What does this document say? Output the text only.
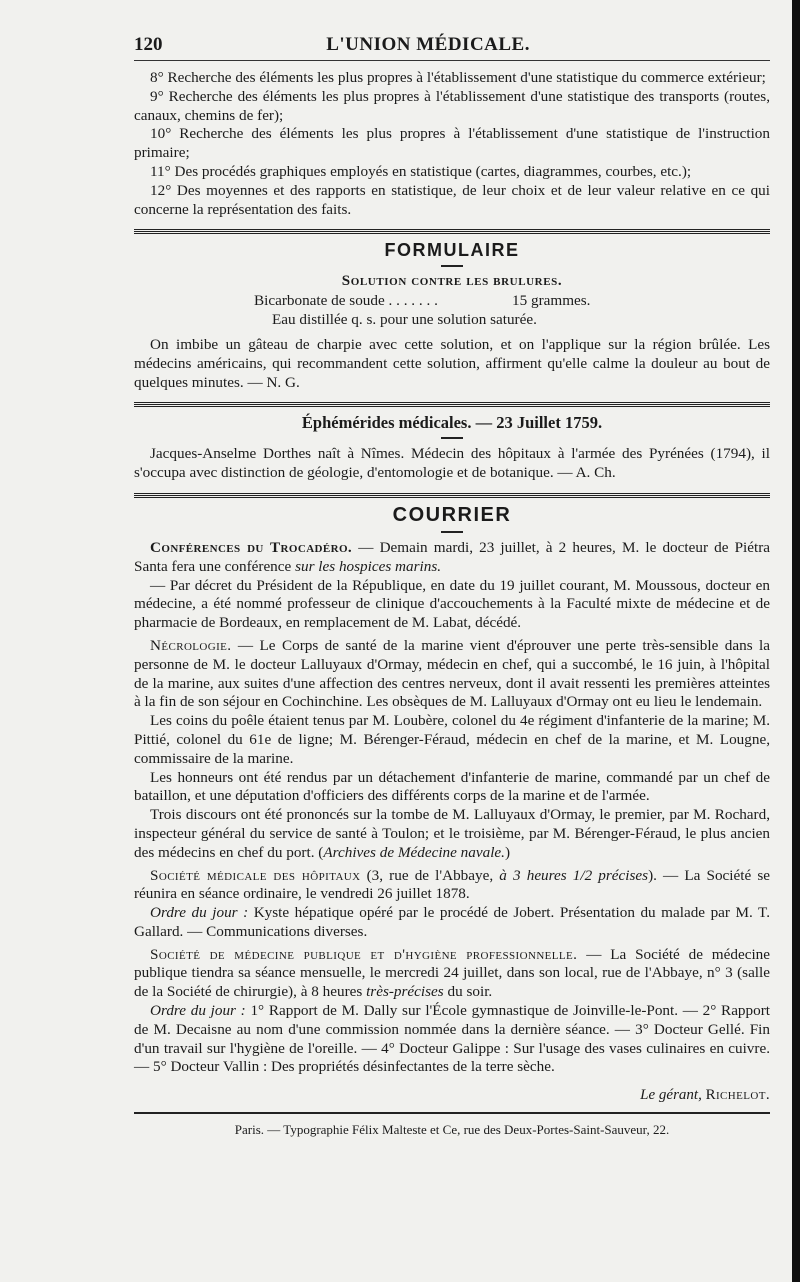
120	L'UNION MÉDICALE.

8° Recherche des éléments les plus propres à l'établissement d'une statistique du commerce extérieur;

9° Recherche des éléments les plus propres à l'établissement d'une statistique des transports (routes, canaux, chemins de fer);

10° Recherche des éléments les plus propres à l'établissement d'une statistique de l'instruction primaire;

11° Des procédés graphiques employés en statistique (cartes, diagrammes, courbes, etc.);

12° Des moyennes et des rapports en statistique, de leur choix et de leur valeur relative en ce qui concerne la représentation des faits.

FORMULAIRE
Solution contre les brulures.
Bicarbonate de soude . . . . . . .	15 grammes.
Eau distillée q. s. pour une solution saturée.

On imbibe un gâteau de charpie avec cette solution, et on l'applique sur la région brûlée. Les médecins américains, qui recommandent cette solution, affirment qu'elle calme la douleur au bout de quelques minutes. — N. G.

Éphémérides médicales. — 23 Juillet 1759.

Jacques-Anselme Dorthes naît à Nîmes. Médecin des hôpitaux à l'armée des Pyrénées (1794), il s'occupa avec distinction de géologie, d'entomologie et de botanique. — A. Ch.

COURRIER

Conférences du Trocadéro. — Demain mardi, 23 juillet, à 2 heures, M. le docteur de Piétra Santa fera une conférence sur les hospices marins.

— Par décret du Président de la République, en date du 19 juillet courant, M. Moussous, docteur en médecine, a été nommé professeur de clinique d'accouchements à la Faculté mixte de médecine et de pharmacie de Bordeaux, en remplacement de M. Labat, décédé.

Nécrologie. — Le Corps de santé de la marine vient d'éprouver une perte très-sensible dans la personne de M. le docteur Lalluyaux d'Ormay, médecin en chef, qui a succombé, le 16 juin, à l'hôpital de la marine, aux suites d'une affection des centres nerveux, dont il avait ressenti les premières atteintes à la fin de son séjour en Cochinchine. Les obsèques de M. Lalluyaux d'Ormay ont eu lieu le lendemain.

Les coins du poêle étaient tenus par M. Loubère, colonel du 4e régiment d'infanterie de la marine; M. Pittié, colonel du 61e de ligne; M. Bérenger-Féraud, médecin en chef de la marine, et M. Lougne, commissaire de la marine.

Les honneurs ont été rendus par un détachement d'infanterie de marine, commandé par un chef de bataillon, et une députation d'officiers des différents corps de la marine et de l'armée.

Trois discours ont été prononcés sur la tombe de M. Lalluyaux d'Ormay, le premier, par M. Rochard, inspecteur général du service de santé à Toulon; et le troisième, par M. Bérenger-Féraud, le plus ancien des médecins en chef du port. (Archives de Médecine navale.)

Société médicale des hôpitaux (3, rue de l'Abbaye, à 3 heures 1/2 précises). — La Société se réunira en séance ordinaire, le vendredi 26 juillet 1878.

Ordre du jour : Kyste hépatique opéré par le procédé de Jobert. Présentation du malade par M. T. Gallard. — Communications diverses.

Société de médecine publique et d'hygiène professionnelle. — La Société de médecine publique tiendra sa séance mensuelle, le mercredi 24 juillet, dans son local, rue de l'Abbaye, n° 3 (salle de la Société de chirurgie), à 8 heures très-précises du soir.

Ordre du jour : 1° Rapport de M. Dally sur l'École gymnastique de Joinville-le-Pont. — 2° Rapport de M. Decaisne au nom d'une commission nommée dans la dernière séance. — 3° Docteur Gellé. Fin d'un travail sur l'hygiène de l'oreille. — 4° Docteur Galippe : Sur l'usage des vases culinaires en cuivre. — 5° Docteur Vallin : Des propriétés désinfectantes de la terre sèche.

Le gérant, Richelot.
Paris. — Typographie Félix Malteste et Ce, rue des Deux-Portes-Saint-Sauveur, 22.
